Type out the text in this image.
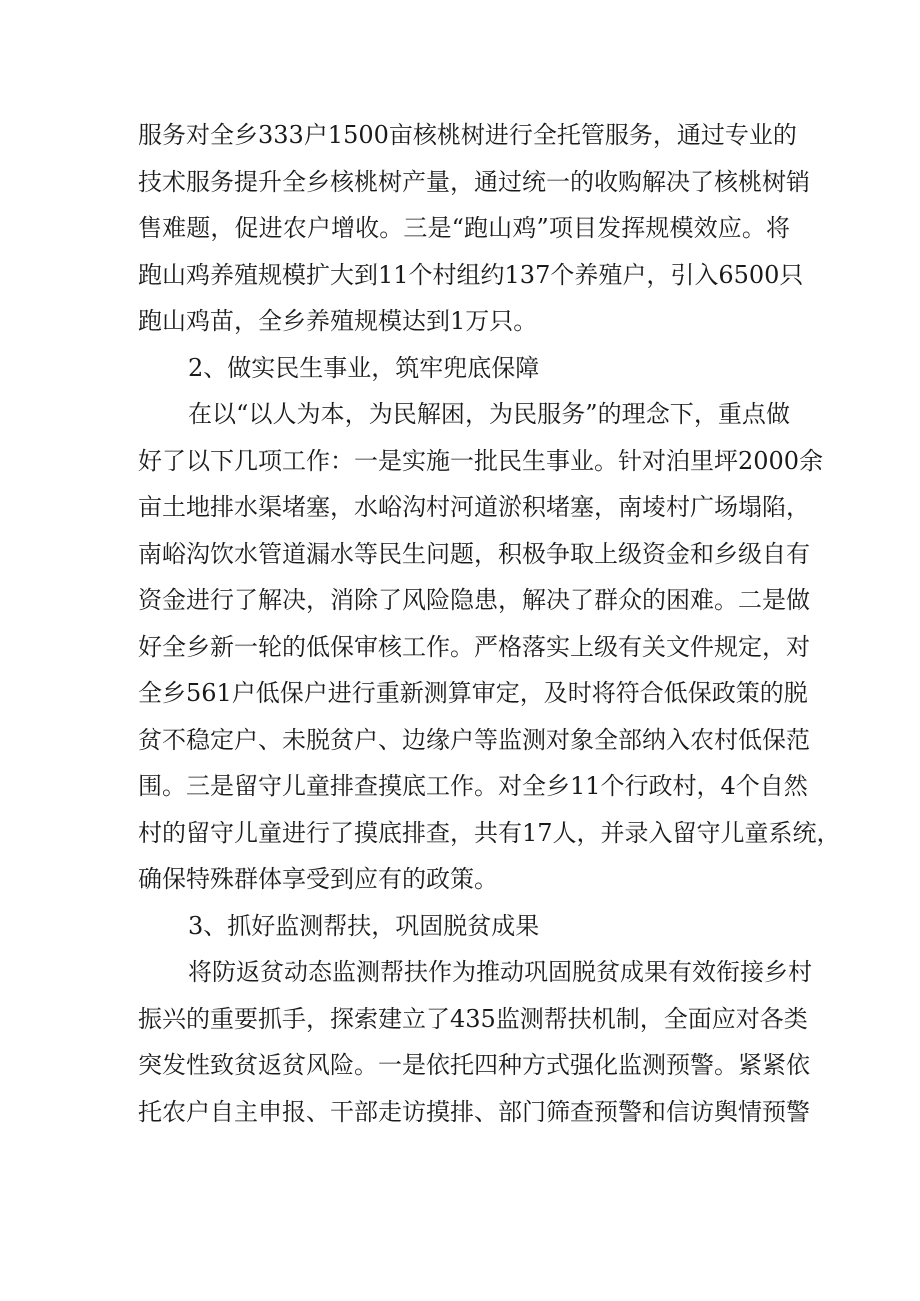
服务对全乡333户1500亩核桃树进行全托管服务，通过专业的
技术服务提升全乡核桃树产量，通过统一的收购解决了核桃树销
售难题，促进农户增收。三是“跑山鸡”项目发挥规模效应。将
跑山鸡养殖规模扩大到11个村组约137个养殖户，引入6500只
跑山鸡苗，全乡养殖规模达到1万只。
2、做实民生事业，筑牢兜底保障
在以“以人为本，为民解困，为民服务”的理念下，重点做
好了以下几项工作：一是实施一批民生事业。针对泊里坪2000余
亩土地排水渠堵塞，水峪沟村河道淤积堵塞，南堎村广场塌陷，
南峪沟饮水管道漏水等民生问题，积极争取上级资金和乡级自有
资金进行了解决，消除了风险隐患，解决了群众的困难。二是做
好全乡新一轮的低保审核工作。严格落实上级有关文件规定，对
全乡561户低保户进行重新测算审定，及时将符合低保政策的脱
贫不稳定户、未脱贫户、边缘户等监测对象全部纳入农村低保范
围。三是留守儿童排查摸底工作。对全乡11个行政村，4个自然
村的留守儿童进行了摸底排查，共有17人，并录入留守儿童系统，
确保特殊群体享受到应有的政策。
3、抓好监测帮扶，巩固脱贫成果
将防返贫动态监测帮扶作为推动巩固脱贫成果有效衔接乡村
振兴的重要抓手，探索建立了435监测帮扶机制，全面应对各类
突发性致贫返贫风险。一是依托四种方式强化监测预警。紧紧依
托农户自主申报、干部走访摸排、部门筛查预警和信访舆情预警
